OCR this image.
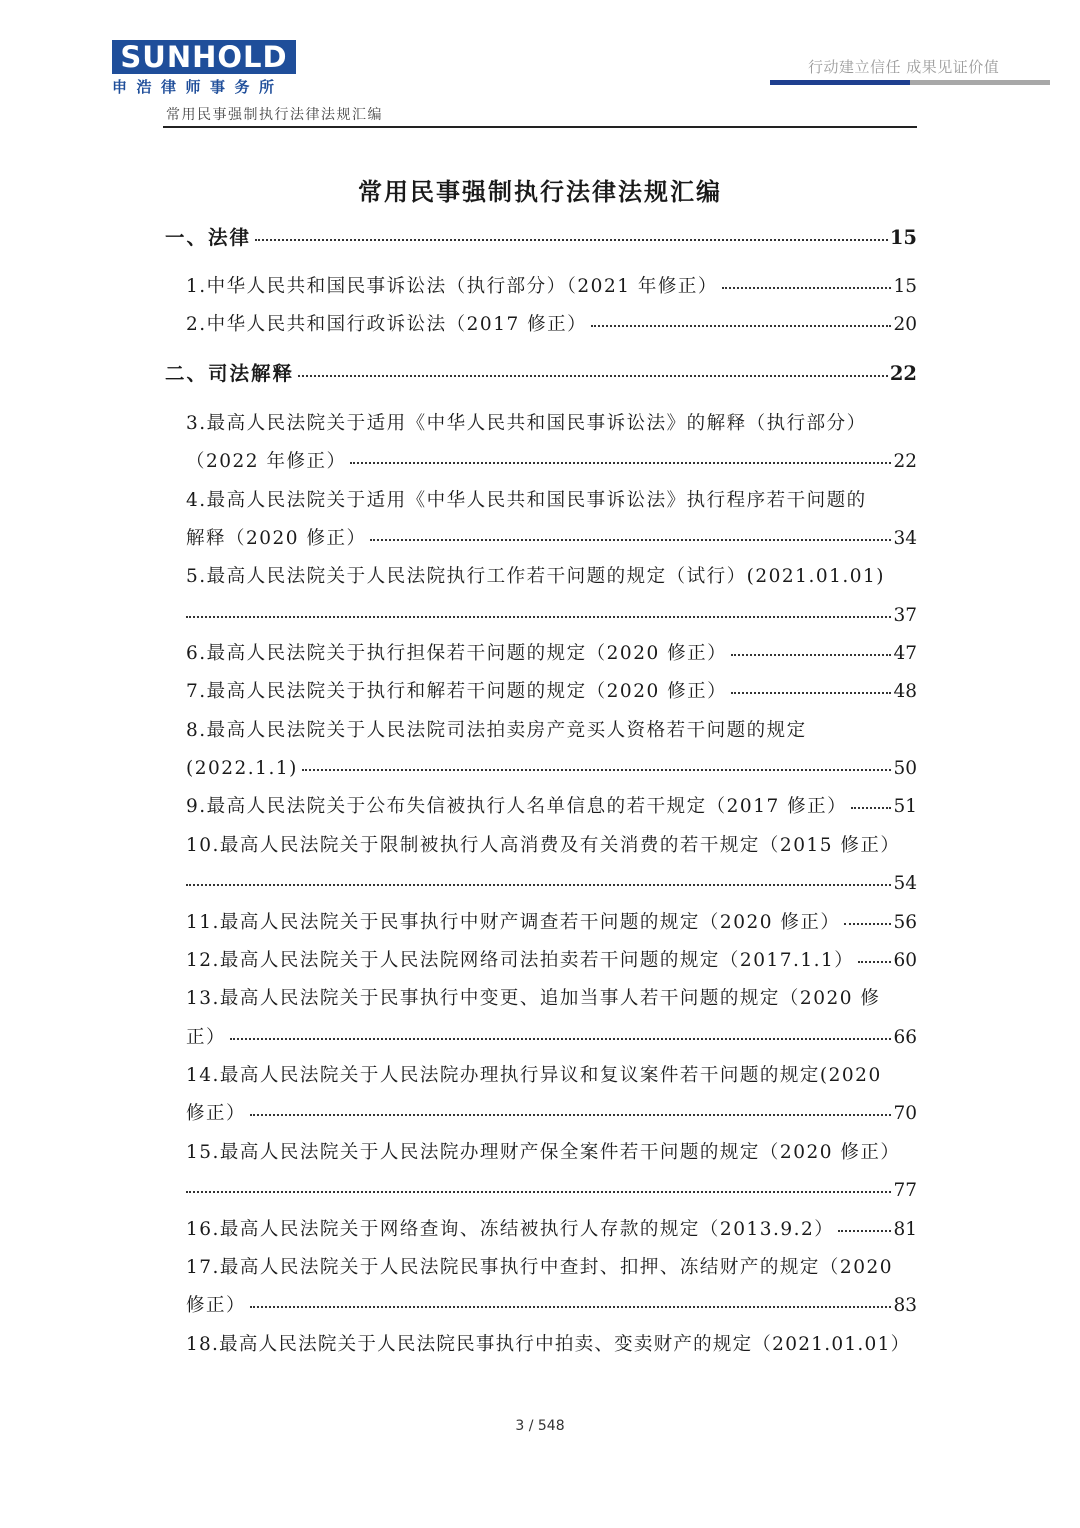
SUNHOLD
申浩律师事务所
行动建立信任 成果见证价值
常用民事强制执行法律法规汇编
常用民事强制执行法律法规汇编
一、法律	15
1.中华人民共和国民事诉讼法（执行部分）（2021 年修正）	15
2.中华人民共和国行政诉讼法（2017 修正）	20
二、司法解释	22
3.最高人民法院关于适用《中华人民共和国民事诉讼法》的解释（执行部分）
（2022 年修正）	22
4.最高人民法院关于适用《中华人民共和国民事诉讼法》执行程序若干问题的
解释（2020 修正）	34
5.最高人民法院关于人民法院执行工作若干问题的规定（试行）(2021.01.01)
37
6.最高人民法院关于执行担保若干问题的规定（2020 修正）	47
7.最高人民法院关于执行和解若干问题的规定（2020 修正）	48
8.最高人民法院关于人民法院司法拍卖房产竞买人资格若干问题的规定
(2022.1.1)	50
9.最高人民法院关于公布失信被执行人名单信息的若干规定（2017 修正）	51
10.最高人民法院关于限制被执行人高消费及有关消费的若干规定（2015 修正）
54
11.最高人民法院关于民事执行中财产调查若干问题的规定（2020 修正）	56
12.最高人民法院关于人民法院网络司法拍卖若干问题的规定（2017.1.1） 60
13.最高人民法院关于民事执行中变更、追加当事人若干问题的规定（2020 修
正）	66
14.最高人民法院关于人民法院办理执行异议和复议案件若干问题的规定(2020
修正）	70
15.最高人民法院关于人民法院办理财产保全案件若干问题的规定（2020 修正）
77
16.最高人民法院关于网络查询、冻结被执行人存款的规定（2013.9.2）	81
17.最高人民法院关于人民法院民事执行中查封、扣押、冻结财产的规定（2020
修正）	83
18.最高人民法院关于人民法院民事执行中拍卖、变卖财产的规定（2021.01.01）
3 / 548
